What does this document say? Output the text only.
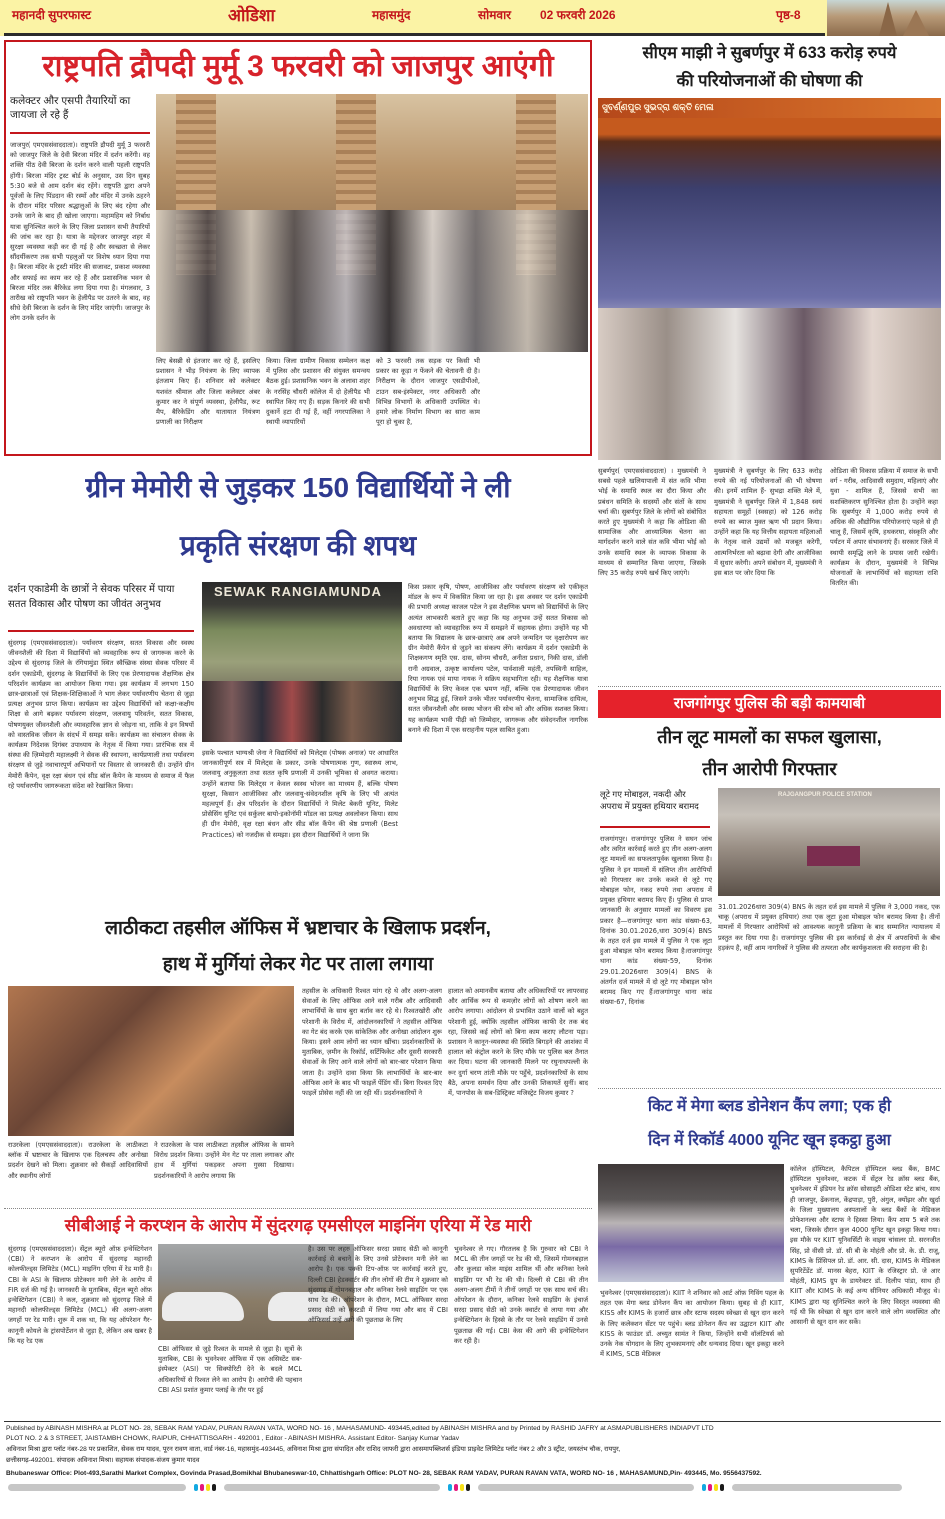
महानदी सुपरफास्ट	ओडिशा	महासमुंद	सोमवार 02 फरवरी 2026	पृष्ठ-8
राष्ट्रपति द्रौपदी मुर्मू 3 फरवरी को जाजपुर आएंगी
कलेक्टर और एसपी तैयारियों का जायजा ले रहे हैं
जाजपुर( एमएससंवाददाता)। राष्ट्रपति द्रौपदी मुर्मू 3 फरवरी को जाजपुर जिले के देवी बिरजा मंदिर में दर्शन करेंगी। वह शक्ति पीठ देवी बिरजा के दर्शन करने वाली पहली राष्ट्रपति होंगी। बिरजा मंदिर ट्रस्ट बोर्ड के अनुसार, उस दिन सुबह 5:30 बजे से आम दर्शन बंद रहेंगे। राष्ट्रपति द्वारा अपने पूर्वजों के लिए पिंडदान की रस्मों और मंदिर में उनके ठहरने के दौरान मंदिर परिसर श्रद्धालुओं के लिए बंद रहेगा और उनके जाने के बाद ही खोला जाएगा। महामहिम को निर्बाध यात्रा सुनिश्चित करने के लिए जिला प्रशासन सभी तैयारियों की जांच कर रहा है। यात्रा के मद्देनजर जाजपुर शहर में सुरक्षा व्यवस्था कड़ी कर दी गई है और स्वच्छता से लेकर सौंदर्यीकरण तक सभी पहलुओं पर विशेष ध्यान दिया गया है। बिरजा मंदिर के ट्रस्टी मंदिर की सजावट, प्रकाश व्यवस्था और सफाई का काम कर रहे हैं और प्रशासनिक भवन से बिरजा मंदिर तक बैरिकेड लगा दिया गया है। मंगलवार, 3 तारीख को राष्ट्रपति भवन के हेलीपैड पर उतरने के बाद, वह सीधे देवी बिरजा के दर्शन के लिए मंदिर जाएंगी। जाजपुर के लोग उनके दर्शन के
लिए बेसब्री से इंतजार कर रहे हैं, इसलिए प्रशासन ने भीड़ नियंत्रण के लिए व्यापक इंतजाम किए हैं। शनिवार को कलेक्टर यशवंत श्रीमाल और जिला कलेक्टर अंबर कुमार कर ने संपूर्ण व्यवस्था, हेलीपैड, रूट मैप, बैरिकेडिंग और यातायात नियंत्रण प्रणाली का निरीक्षण
किया। जिला ग्रामीण विकास सम्मेलन कक्ष में पुलिस और प्रशासन की संयुक्त समन्वय बैठक हुई। प्रशासनिक भवन के अलावा शहर के नरसिंह चौधरी कॉलेज में दो हेलीपैड भी स्थापित किए गए हैं। सड़क किनारे की सभी दुकानें हटा दी गई हैं, वहीं नगरपालिका ने स्थायी व्यापारियों
को 3 फरवरी तक सड़क पर किसी भी प्रकार का कूड़ा न फेंकने की चेतावनी दी है। निरीक्षण के दौरान जाजपुर एसडीपीओ, टाउन सब-इंस्पेक्टर, नगर अधिकारी और विभिन्न विभागों के अधिकारी उपस्थित थे। हमारे लोक निर्माण विभाग का सारा काम पूरा हो चुका है,
सीएम माझी ने सुबर्णपुर में 633 करोड़ रुपये
की परियोजनाओं की घोषणा की
ସୁବର୍ଣ୍ଣପୁର ସୁଭଦ୍ରା ଶକ୍ତି ମେଳା
सुबर्णपुर( एमएससंवाददाता) । मुख्यमंत्री ने सबसे पहले खलियापाली में संत कवि भीमा भोई के समाधि स्थल का दौरा किया और प्रबंधन समिति के सदस्यों और संतों के साथ चर्चा की। सुबर्णपुर जिले के लोगों को संबोधित करते हुए मुख्यमंत्री ने कहा कि ओडिशा की सामाजिक और आध्यात्मिक चेतना का मार्गदर्शन करने वाले संत कवि भीमा भोई को उनके समाधि स्थल के व्यापक विकास के माध्यम से सम्मानित किया जाएगा, जिसके लिए 35 करोड़ रुपये खर्च किए जाएंगे।
मुख्यमंत्री ने सुबर्णपुर के लिए 633 करोड़ रुपये की नई परियोजनाओं की भी घोषणा की। इनमें शामिल हैं- सुभद्रा शक्ति मेले में, मुख्यमंत्री ने सुबर्णपुर जिले में 1,848 स्वयं सहायता समूहों (स्वसहा) को 126 करोड़ रुपये का ब्याज मुक्त ऋण भी प्रदान किया। उन्होंने कहा कि यह वित्तीय सहायता महिलाओं के नेतृत्व वाले उद्यमों को मजबूत करेगी, आत्मनिर्भरता को बढ़ावा देगी और आजीविका में सुधार करेगी। अपने संबोधन में, मुख्यमंत्री ने इस बात पर जोर दिया कि
ओडिशा की विकास प्रक्रिया में समाज के सभी वर्ग - गरीब, आदिवासी समुदाय, महिलाएं और युवा - शामिल हैं, जिससे सभी का सशक्तिकरण सुनिश्चित होता है। उन्होंने कहा कि सुबर्णपुर में 1,000 करोड़ रुपये से अधिक की औद्योगिक परियोजनाएं पहले से ही चालू हैं, जिसमें कृषि, हथकरघा, संस्कृति और पर्यटन में अपार संभावनाएं हैं। सरकार जिले में स्थायी समृद्धि लाने के प्रयास जारी रखेगी। कार्यक्रम के दौरान, मुख्यमंत्री ने विभिन्न योजनाओं के लाभार्थियों को सहायता राशि वितरित की।
ग्रीन मेमोरी से जुड़कर 150 विद्यार्थियों ने ली
प्रकृति संरक्षण की शपथ
दर्शन एकाडेमी के छात्रों ने सेवक परिसर में पाया सतत विकास और पोषण का जीवंत अनुभव
सुंदरगढ़ (एमएससंवाददाता)। पर्यावरण संरक्षण, सतत विकास और स्वस्थ जीवनशैली की दिशा में विद्यार्थियों को व्यवहारिक रूप से जागरूक करने के उद्देश्य से सुंदरगढ़ जिले के रंगियामुंडा स्थित स्वैच्छिक संस्था सेवक परिसर में दर्शन एकाडेमी, सुंदरगढ़ के विद्यार्थियों के लिए एक प्रेरणादायक शैक्षणिक क्षेत्र परिदर्शन कार्यक्रम का आयोजन किया गया। इस कार्यक्रम में लगभग 150 छात्र-छात्राओं एवं शिक्षक-शिक्षिकाओं ने भाग लेकर पर्यावरणीय चेतना से जुड़ा प्रत्यक्ष अनुभव प्राप्त किया। कार्यक्रम का उद्देश्य विद्यार्थियों को कक्षा-कक्षीय शिक्षा से आगे बढ़कर पर्यावरण संरक्षण, जलवायु परिवर्तन, सतत विकास, पोषणयुक्त जीवनशैली और व्यावहारिक ज्ञान से जोड़ना था, ताकि वे इन विषयों को वास्तविक जीवन के संदर्भ में समझ सकें। कार्यक्रम का संचालन सेवक के कार्यक्रम निदेशक दिगंबर उपाध्याय के नेतृत्व में किया गया। प्रारंभिक सत्र में संस्था की ज़िम्मेदारी महालक्ष्मी ने सेवक की स्थापना, कार्यप्रणाली तथा पर्यावरण संरक्षण से जुड़े नवाचारपूर्ण अभियानों पर विस्तार से जानकारी दी। उन्होंने ग्रीन मेमोरी कैंपेन, वृक्ष रक्षा बंधन एवं सीड बॉल कैंपेन के माध्यम से समाज में फैल रहे पर्यावरणीय जागरूकता संदेश को रेखांकित किया।
SEWAK RANGIAMUNDA
इसके पश्चात भाग्यश्री जेना ने विद्यार्थियों को मिलेट्स (पोषक अनाज) पर आधारित जानकारीपूर्ण सत्र में मिलेट्स के प्रकार, उनके पोषणात्मक गुण, स्वास्थ्य लाभ, जलवायु अनुकूलता तथा सतत कृषि प्रणाली में उनकी भूमिका से अवगत कराया। उन्होंने बताया कि मिलेट्स न केवल स्वस्थ भोजन का माध्यम हैं, बल्कि पोषण सुरक्षा, किसान आजीविका और जलवायु-संवेदनशील कृषि के लिए भी अत्यंत महत्वपूर्ण हैं। क्षेत्र परिदर्शन के दौरान विद्यार्थियों ने मिलेट बेकरी यूनिट, मिलेट प्रोसेसिंग यूनिट एवं सर्कुलर बायो-इकोनॉमी मॉडल का प्रत्यक्ष अवलोकन किया। साथ ही ग्रीन मेमोरी, वृक्ष रक्षा बंधन और सीड बॉल कैंपेन की श्रेष्ठ प्रणाली (Best Practices) को नजदीक से समझा। इस दौरान विद्यार्थियों ने जाना कि
किस प्रकार कृषि, पोषण, आजीविका और पर्यावरण संरक्षण को एकीकृत मॉडल के रूप में विकसित किया जा रहा है। इस अवसर पर दर्शन एकाडेमी की प्रभारी अध्यक्ष काजल पटेल ने इस शैक्षणिक भ्रमण को विद्यार्थियों के लिए अत्यंत लाभकारी बताते हुए कहा कि यह अनुभव उन्हें सतत विकास को अवधारणा को व्यावहारिक रूप में समझने में सहायक होगा। उन्होंने यह भी बताया कि विद्यालय के छात्र-छात्राएं अब अपने जन्मदिन पर वृक्षारोपण कर ग्रीन मेमोरी कैंपेन से जुड़ने का संकल्प लेंगे। कार्यक्रम में दर्शन एकाडेमी के शिक्षकगण स्मृति एस. दास, सोनम चौधरी, अनीता प्रधान, निकी दास, डॉली रानी अग्रवाल, उत्कृष्ट कार्यालय पटेल, पार्वशाली महंती, तपस्विनी साहिल, रिया नायक एवं माया नायक ने सक्रिय सहभागिता रही। यह शैक्षणिक यात्रा विद्यार्थियों के लिए केवल एक भ्रमण नहीं, बल्कि एक प्रेरणादायक जीवन अनुभव सिद्ध हुई, जिसने उनके भीतर पर्यावरणीय चेतना, सामाजिक दायित्व, सतत जीवनशैली और स्वस्थ भोजन की सोच को और अधिक सशक्त किया। यह कार्यक्रम भावी पीढ़ी को जिम्मेदार, जागरूक और संवेदनशील नागरिक बनाने की दिशा में एक सराहनीय पहल साबित हुआ।
राजगांगपुर पुलिस की बड़ी कामयाबी
तीन लूट मामलों का सफल खुलासा,
तीन आरोपी गिरफ्तार
लूटे गए मोबाइल, नकदी और अपराध में प्रयुक्त हथियार बरामद
RAJGANGPUR POLICE STATION
राजगांगपुर। राजगांगपुर पुलिस ने सघन जांच और त्वरित कार्रवाई करते हुए तीन अलग-अलग लूट मामलों का सफलतापूर्वक खुलासा किया है। पुलिस ने इन मामलों में संलिप्त तीन आरोपियों को गिरफ्तार कर उनके कब्जे से लूटे गए मोबाइल फोन, नकद रुपये तथा अपराध में प्रयुक्त हथियार बरामद किए हैं। पुलिस से प्राप्त जानकारी के अनुसार मामलों का विवरण इस प्रकार है—राजगांगपुर थाना कांड संख्या-63, दिनांक 30.01.2026,धारा 309(4) BNS के तहत दर्ज इस मामले में पुलिस ने एक लूटा हुआ मोबाइल फोन बरामद किया है।राजगांगपुर थाना कांड संख्या-59, दिनांक 29.01.2026धारा 309(4) BNS के अंतर्गत दर्ज मामले में दो लूटे गए मोबाइल फोन बरामद किए गए हैं।राजगांगपुर थाना कांड संख्या-67, दिनांक
31.01.2026धारा 309(4) BNS के तहत दर्ज इस मामले में पुलिस ने 3,000 नकद, एक चाकू (अपराध में प्रयुक्त हथियार) तथा एक लूटा हुआ मोबाइल फोन बरामद किया है। तीनों मामलों में गिरफ्तार आरोपियों को आवश्यक कानूनी प्रक्रिया के बाद सम्मानित न्यायालय में प्रस्तुत कर दिया गया है। राजगांगपुर पुलिस की इस कार्रवाई से क्षेत्र में अपराधियों के बीच हड़कंप है, वहीं आम नागरिकों ने पुलिस की तत्परता और कार्यकुशलता की सराहना की है।
लाठीकटा तहसील ऑफिस में भ्रष्टाचार के खिलाफ प्रदर्शन,
हाथ में मुर्गियां लेकर गेट पर ताला लगाया
राउरकेला (एमएससंवाददाता)। राउरकेला के लाठीकटा ब्लॉक में भ्रष्टाचार के खिलाफ एक दिलचस्प और अनोखा प्रदर्शन देखने को मिला। शुक्रवार को सैकड़ों आदिवासियों और स्थानीय लोगों
ने राउरकेला के पास लाठीकटा तहसील ऑफिस के सामने विरोध प्रदर्शन किया। उन्होंने मेन गेट पर ताला लगाकर और हाथ में मुर्गियां पकड़कर अपना गुस्सा दिखाया। प्रदर्शनकारियों ने आरोप लगाया कि
तहसील के अधिकारी रिश्वत मांग रहे थे और अलग-अलग सेवाओं के लिए ऑफिस आने वाले गरीब और आदिवासी लाभार्थियों के साथ बुरा बर्ताव कर रहे थे। रिश्वतखोरी और परेशानी के विरोध में, आंदोलनकारियों ने तहसील ऑफिस का गेट बंद करके एक सांकेतिक और अनोखा आंदोलन शुरू किया। इसने आम लोगों का ध्यान खींचा। प्रदर्शनकारियों के मुताबिक, ज़मीन के रिकॉर्ड, सर्टिफिकेट और दूसरी सरकारी सेवाओं के लिए आने वाले लोगों को बार-बार परेशान किया जाता है। उन्होंने दावा किया कि लाभार्थियों के बार-बार ऑफिस आने के बाद भी फाइलें पेंडिंग थीं। बिना रिश्वत दिए फाइलें प्रोसेस नहीं की जा रही थीं। प्रदर्शनकारियों ने
हालात को अमानवीय बताया और अधिकारियों पर लापरवाह और आर्थिक रूप से कमज़ोर लोगों को शोषण करने का आरोप लगाया। आंदोलन से प्रभावित उठाने वालों को बहुत परेशानी हुई, क्योंकि तहसील ऑफिस काफी देर तक बंद रहा, जिससे कई लोगों को बिना काम कराए लौटना पड़ा। प्रशासन ने कानून-व्यवस्था की स्थिति बिगड़ने की आशंका में हालात को कंट्रोल करने के लिए मौके पर पुलिस बल तैनात कर दिया। घटना की जानकारी मिलने पर रघुनाथपल्ली के रूर दुर्गा चरण तांती मौके पर पहुँचे, प्रदर्शनकारियों के साथ बैठे, अपना समर्थन दिया और उनकी शिकायतें सुनीं। बाद में, पानपोस के सब-डिस्ट्रिक्ट मजिस्ट्रेट विजय कुमार ?
सीबीआई ने करप्शन के आरोप में सुंदरगढ़ एमसीएल माइनिंग एरिया में रेड मारी
सुंदरगढ़ (एमएससंवाददाता)। सेंट्रल ब्यूरो ऑफ़ इन्वेस्टिगेशन (CBI) ने करप्शन के आरोप में सुंदरगढ़ महानदी कोलफील्ड्स लिमिटेड (MCL) माइनिंग एरिया में रेड मारी है। CBI के ASI के खिलाफ प्रोटेक्शन मनी लेने के आरोप में FIR दर्ज की गई है। जानकारी के मुताबिक, सेंट्रल ब्यूरो ऑफ़ इन्वेस्टिगेशन (CBI) ने कल, शुक्रवार को सुंदरगढ़ जिले में महानदी कोलफील्ड्स लिमिटेड (MCL) की अलग-अलग जगहों पर रेड मारी। शुरू में शक था, कि यह ऑपरेशन गैर-कानूनी कोयले के ट्रांसपोर्टेशन से जुड़ा है, लेकिन अब खबर है कि यह रेड एक
CBI ऑफिसर से जुड़े रिश्वत के मामले से जुड़ा है। सूत्रों के मुताबिक, CBI के भुवनेश्वर ऑफिस में एक असिस्टेंट सब-इंस्पेक्टर (ASI) पर सिक्योरिटी देने के बदले MCL अधिकारियों से रिश्वत लेने का आरोप है। आरोपी की पहचान CBI ASI प्रशांत कुमार पलाई के तौर पर हुई
है। उस पर लहरु ऑफिसर सरदा प्रसाद सेठी को कानूनी कार्रवाई से बचाने के लिए उनसे प्रोटेक्शन मनी लेने का आरोप है। एक पक्की टिप-ऑफ़ पर कार्रवाई करते हुए, दिल्ली CBI हेडक्वार्टर की तीन लोगों की टीम ने शुक्रवार को सुंदरगढ़ में गोमनबहाल और कनिका रेलवे साइडिंग पर एक साथ रेड की। ऑपरेशन के दौरान, MCL ऑफिसर सरदा प्रसाद सेठी को कस्टडी में लिया गया और बाद में CBI ऑफिसर्स उन्हें आगे की पूछताछ के लिए
भुवनेश्वर ले गए। गौरतलब है कि गुरुवार को CBI ने MCL की तीन जगहों पर रेड की थी, जिसमें गोमनबहाल और कुलडा कोल माइंस शामिल थीं और कनिका रेलवे साइडिंग पर भी रेड की थी। दिल्ली से CBI की तीन अलग-अलग टीमों ने तीनों जगहों पर एक साथ सर्च की। ऑपरेशन के दौरान, कनिका रेलवे साइडिंग के इंचार्ज सरदा प्रसाद सेठी को उनके क्वार्टर से लाया गया और इन्वेस्टिगेशन के हिस्से के तौर पर रेलवे साइडिंग में उनसे पूछताछ की गई। CBI केस की आगे की इन्वेस्टिगेशन कर रही है।
किट में मेगा ब्लड डोनेशन कैंप लगा; एक ही
दिन में रिकॉर्ड 4000 यूनिट खून इकट्ठा हुआ
भुवनेश्वर (एमएससंवाददाता)। KIIT ने शनिवार को आर्ट ऑफ़ गिविंग पहल के तहत एक मेगा ब्लड डोनेशन कैंप का आयोजन किया। सुबह से ही KIIT, KISS और KIMS के हजारों छात्र और स्टाफ सदस्य स्वेच्छा से खून दान करने के लिए कलेक्शन सेंटर पर पहुंचे। ब्लड डोनेशन कैंप का उद्घाटन KIIT और KISS के फाउंडर डॉ. अच्युत सामंत ने किया, जिन्होंने सभी वॉलंटियर्स को उनके नेक योगदान के लिए शुभकामनाएं और धन्यवाद दिया। खून इकट्ठा करने में KIMS, SCB मेडिकल
कॉलेज हॉस्पिटल, कैपिटल हॉस्पिटल ब्लड बैंक, BMC हॉस्पिटल भुवनेश्वर, कटक में सेंट्रल रेड क्रॉस ब्लड बैंक, भुवनेश्वर में इंडियन रेड क्रॉस सोसाइटी ओडिशा स्टेट ब्रांच, साथ ही जाजपुर, ढेंकनाल, केंद्रपाड़ा, पुरी, अंगुल, क्योंझर और खुर्दा के जिला मुख्यालय अस्पतालों के ब्लड बैंकों के मेडिकल प्रोफेशनल्स और स्टाफ ने हिस्सा लिया। कैंप शाम 5 बजे तक चला, जिसके दौरान कुल 4000 यूनिट खून इकट्ठा किया गया। इस मौके पर KIIT यूनिवर्सिटी के वाइस चांसलर प्रो. सरनजीत सिंह, प्रो वीसी प्रो. डॉ. सी बी के मोहंती और प्रो. के. डी. राजू, KIMS के प्रिंसिपल प्रो. डॉ. आर. सी. दास, KIMS के मेडिकल सुपरिटेंडेंट डॉ. मानस बेहरा, KIIT के रजिस्ट्रार प्रो. जे आर मोहंती, KIMS ग्रुप के डायरेक्टर डॉ. दिलीप पांडा, साथ ही KIIT और KIMS के कई अन्य सीनियर अधिकारी मौजूद थे। KIMS द्वारा यह सुनिश्चित करने के लिए विस्तृत व्यवस्था की गई थी कि स्वेच्छा से खून दान करने वाले लोग व्यवस्थित और आसानी से खून दान कर सकें।
Published by ABINASH MISHRA at PLOT NO- 28, SEBAK RAM YADAV, PURAN RAVAN VATA, WORD NO- 16 , MAHASAMUND- 493445,edited by ABINASH MISHRA and by Printed by RASHID JAFRY at ASMAPUBLISHERS INDIAPVT LTD
PLOT NO. 2 & 3 STREET, JAISTAMBH CHOWK, RAIPUR, CHHATTISGARH - 492001 , Editor - ABINASH MISHRA. Assistant Editor- Sanjay Kumar Yadav
अविनाश मिश्रा द्वारा प्लॉट नंबर-28 पर प्रकाशित, सेवक राम यादव, पूरन रावण वाता, वार्ड नंबर-16, महासमुंद-493445, अविनाश मिश्रा द्वारा संपादित और राशिद जाफरी द्वारा आसमापब्लिशर्स इंडिया प्राइवेट लिमिटेड प्लॉट नंबर 2 और 3 स्ट्रीट, जयस्तंभ चौक, रायपुर,
छत्तीसगढ़-492001. संपादक अविनाश मिश्रा। सहायक संपादक-संजय कुमार यादव
Bhubaneswar Office: Plot-493,Sarathi Market Complex, Govinda Prasad,Bomikhal Bhubaneswar-10, Chhattishgarh Office: PLOT NO- 28, SEBAK RAM YADAV, PURAN RAVAN VATA, WORD NO- 16 , MAHASAMUND,Pin- 493445, Mo. 9556437592.
